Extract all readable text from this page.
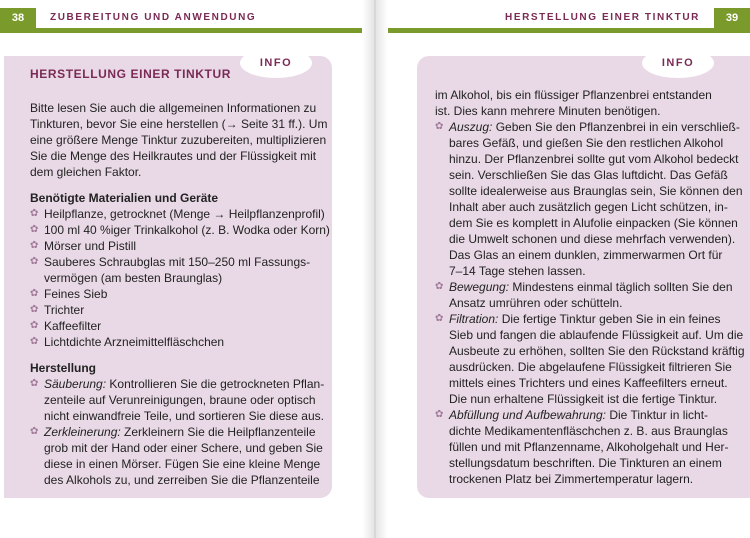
38	ZUBEREITUNG UND ANWENDUNG
INFO
HERSTELLUNG EINER TINKTUR
Bitte lesen Sie auch die allgemeinen Informationen zu
Tinkturen, bevor Sie eine herstellen (→ Seite 31 ff.). Um
eine größere Menge Tinktur zuzubereiten, multiplizieren
Sie die Menge des Heilkrautes und der Flüssigkeit mit
dem gleichen Faktor.
Benötigte Materialien und Geräte
✿ Heilpflanze, getrocknet (Menge → Heilpflanzenprofil)
✿ 100 ml 40 %iger Trinkalkohol (z. B. Wodka oder Korn)
✿ Mörser und Pistill
✿ Sauberes Schraubglas mit 150–250 ml Fassungs-
vermögen (am besten Braunglas)
✿ Feines Sieb
✿ Trichter
✿ Kaffeefilter
✿ Lichtdichte Arzneimittelfläschchen
Herstellung
✿ Säuberung: Kontrollieren Sie die getrockneten Pflan-
zenteile auf Verunreinigungen, braune oder optisch
nicht einwandfreie Teile, und sortieren Sie diese aus.
✿ Zerkleinerung: Zerkleinern Sie die Heilpflanzenteile
grob mit der Hand oder einer Schere, und geben Sie
diese in einen Mörser. Fügen Sie eine kleine Menge
des Alkohols zu, und zerreiben Sie die Pflanzenteile
39
HERSTELLUNG EINER TINKTUR
INFO
im Alkohol, bis ein flüssiger Pflanzenbrei entstanden
ist. Dies kann mehrere Minuten benötigen.
✿ Auszug: Geben Sie den Pflanzenbrei in ein verschließ-
bares Gefäß, und gießen Sie den restlichen Alkohol
hinzu. Der Pflanzenbrei sollte gut vom Alkohol bedeckt
sein. Verschließen Sie das Glas luftdicht. Das Gefäß
sollte idealerweise aus Braunglas sein, Sie können den
Inhalt aber auch zusätzlich gegen Licht schützen, in-
dem Sie es komplett in Alufolie einpacken (Sie können
die Umwelt schonen und diese mehrfach verwenden).
Das Glas an einem dunklen, zimmerwarmen Ort für
7–14 Tage stehen lassen.
✿ Bewegung: Mindestens einmal täglich sollten Sie den
Ansatz umrühren oder schütteln.
✿ Filtration: Die fertige Tinktur geben Sie in ein feines
Sieb und fangen die ablaufende Flüssigkeit auf. Um die
Ausbeute zu erhöhen, sollten Sie den Rückstand kräftig
ausdrücken. Die abgelaufene Flüssigkeit filtrieren Sie
mittels eines Trichters und eines Kaffeefilters erneut.
Die nun erhaltene Flüssigkeit ist die fertige Tinktur.
✿ Abfüllung und Aufbewahrung: Die Tinktur in licht-
dichte Medikamentenfläschchen z. B. aus Braunglas
füllen und mit Pflanzenname, Alkoholgehalt und Her-
stellungsdatum beschriften. Die Tinkturen an einem
trockenen Platz bei Zimmertemperatur lagern.
